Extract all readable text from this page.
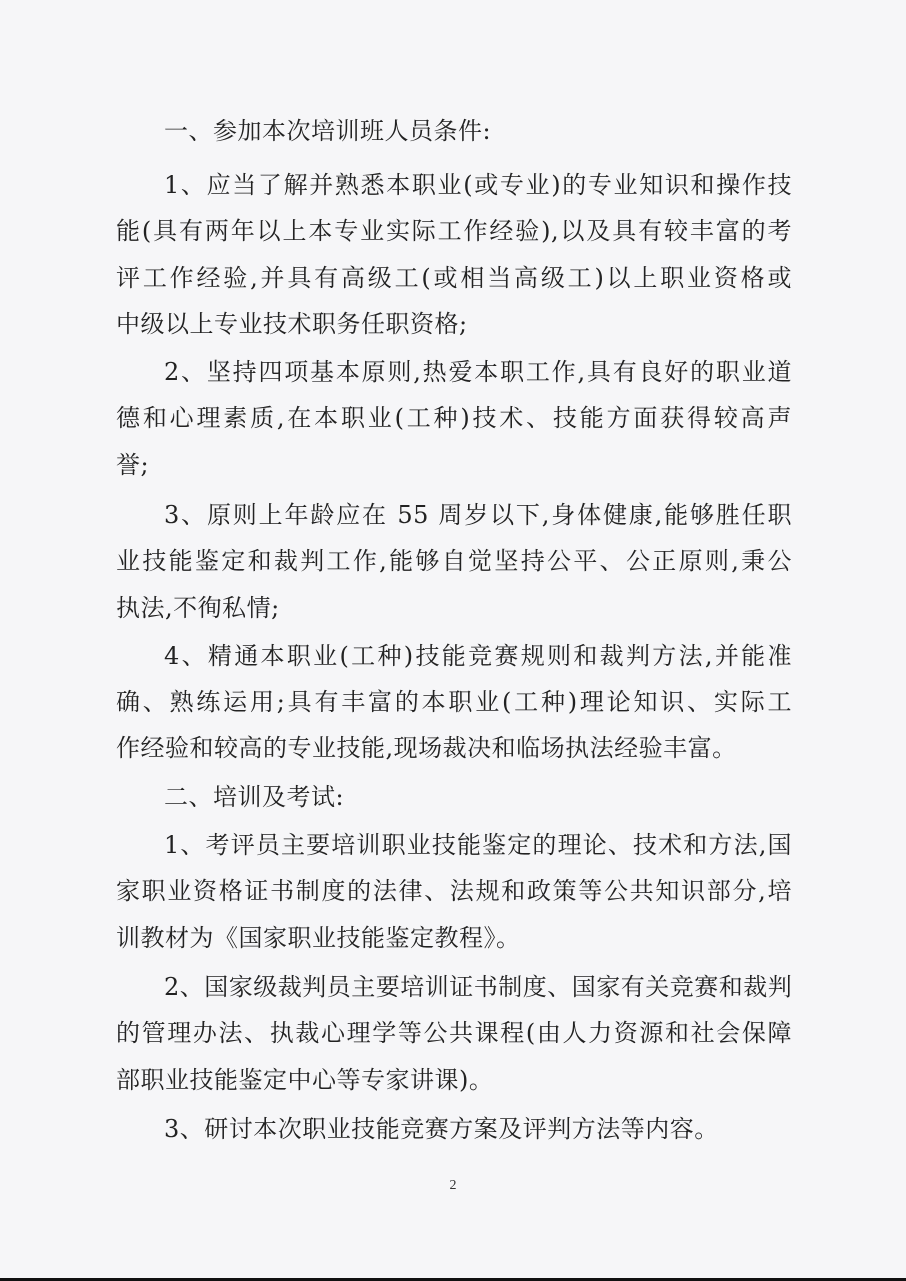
一、参加本次培训班人员条件:
1、应当了解并熟悉本职业(或专业)的专业知识和操作技
能(具有两年以上本专业实际工作经验),以及具有较丰富的考
评工作经验,并具有高级工(或相当高级工)以上职业资格或
中级以上专业技术职务任职资格;
2、坚持四项基本原则,热爱本职工作,具有良好的职业道
德和心理素质,在本职业(工种)技术、技能方面获得较高声
誉;
3、原则上年龄应在 55 周岁以下,身体健康,能够胜任职
业技能鉴定和裁判工作,能够自觉坚持公平、公正原则,秉公
执法,不徇私情;
4、精通本职业(工种)技能竞赛规则和裁判方法,并能准
确、熟练运用;具有丰富的本职业(工种)理论知识、实际工
作经验和较高的专业技能,现场裁决和临场执法经验丰富。
二、培训及考试:
1、考评员主要培训职业技能鉴定的理论、技术和方法,国
家职业资格证书制度的法律、法规和政策等公共知识部分,培
训教材为《国家职业技能鉴定教程》。
2、国家级裁判员主要培训证书制度、国家有关竞赛和裁判
的管理办法、执裁心理学等公共课程(由人力资源和社会保障
部职业技能鉴定中心等专家讲课)。
3、研讨本次职业技能竞赛方案及评判方法等内容。
2
